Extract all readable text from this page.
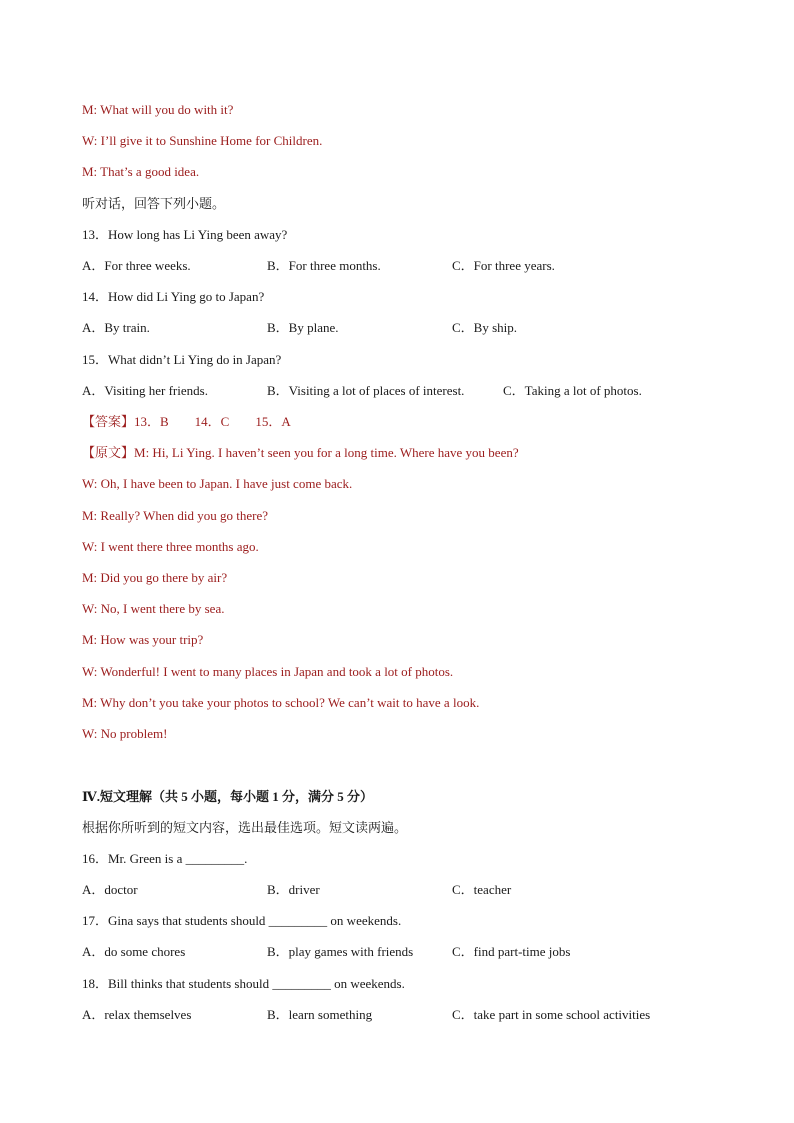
M: What will you do with it?
W: I’ll give it to Sunshine Home for Children.
M: That’s a good idea.
听对话，回答下列小题。
13．How long has Li Ying been away?
A．For three weeks.	B．For three months.	C．For three years.
14．How did Li Ying go to Japan?
A．By train.	B．By plane.	C．By ship.
15．What didn’t Li Ying do in Japan?
A．Visiting her friends.	B．Visiting a lot of places of interest.	C．Taking a lot of photos.
【答案】13．B　　14．C　　15．A
【原文】M: Hi, Li Ying. I haven’t seen you for a long time. Where have you been?
W: Oh, I have been to Japan. I have just come back.
M: Really? When did you go there?
W: I went there three months ago.
M: Did you go there by air?
W: No, I went there by sea.
M: How was your trip?
W: Wonderful! I went to many places in Japan and took a lot of photos.
M: Why don’t you take your photos to school? We can’t wait to have a look.
W: No problem!
Ⅳ.短文理解（共 5 小题，每小题 1 分，满分 5 分）
根据你所听到的短文内容，选出最佳选项。短文读两遍。
16．Mr. Green is a _________.
A．doctor	B．driver	C．teacher
17．Gina says that students should _________ on weekends.
A．do some chores	B．play games with friends	C．find part-time jobs
18．Bill thinks that students should _________ on weekends.
A．relax themselves	B．learn something	C．take part in some school activities
